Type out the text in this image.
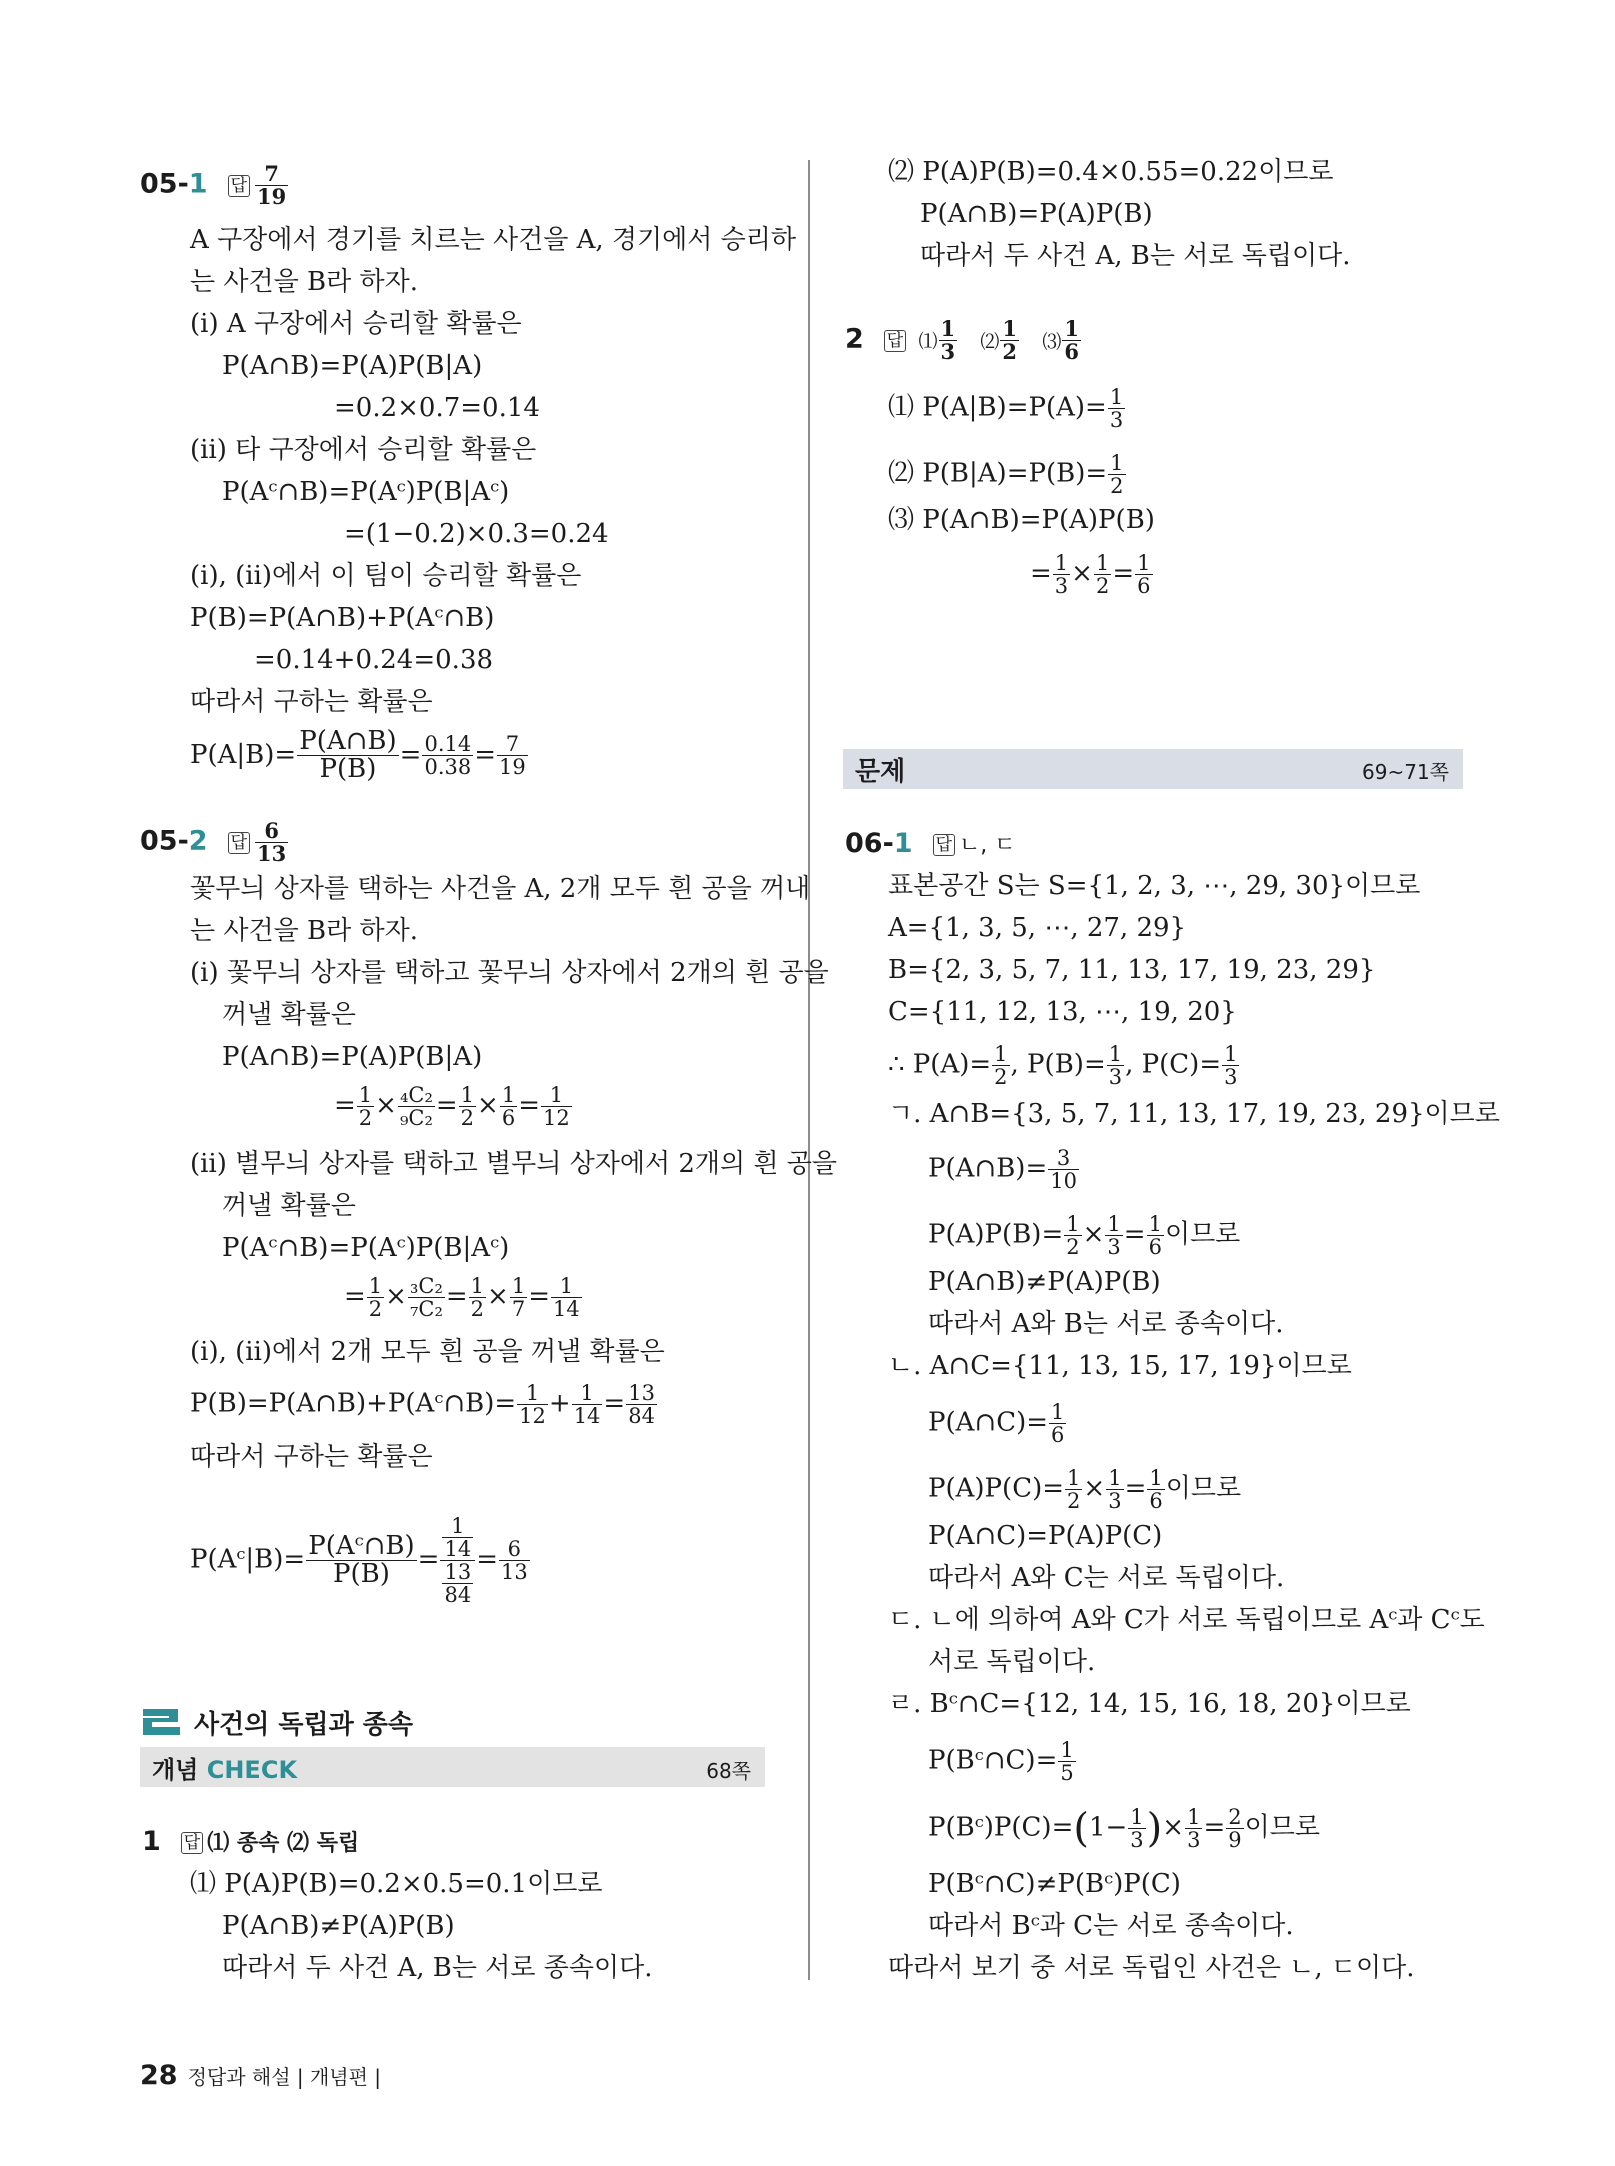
05-1 답 $\frac{7}{19}$
A 구장에서 경기를 치르는 사건을 A, 경기에서 승리하
는 사건을 B라 하자.
(ⅰ) A 구장에서 승리할 확률은
P(A∩B)=P(A)P(B|A)
=0.2×0.7=0.14
(ⅱ) 타 구장에서 승리할 확률은
P(Aᶜ∩B)=P(Aᶜ)P(B|Aᶜ)
=(1−0.2)×0.3=0.24
(ⅰ), (ⅱ)에서 이 팀이 승리할 확률은
P(B)=P(A∩B)+P(Aᶜ∩B)
=0.14+0.24=0.38
따라서 구하는 확률은
$P(A|B)= \frac{P(A\cap B)}{P(B)} = \frac{0.14}{0.38} = \frac{7}{19}$
05-2 답 $\frac{6}{13}$
꽃무늬 상자를 택하는 사건을 A, 2개 모두 흰 공을 꺼내
는 사건을 B라 하자.
(ⅰ) 꽃무늬 상자를 택하고 꽃무늬 상자에서 2개의 흰 공을
꺼낼 확률은
P(A∩B)=P(A)P(B|A)
= $\frac{1}{2} \times \frac{\text{₄C₂}}{\text{₉C₂}} = \frac{1}{2} \times \frac{1}{6} = \frac{1}{12}$
(ⅱ) 별무늬 상자를 택하고 별무늬 상자에서 2개의 흰 공을
꺼낼 확률은
P(Aᶜ∩B)=P(Aᶜ)P(B|Aᶜ)
= $\frac{1}{2} \times \frac{\text{₃C₂}}{\text{₇C₂}} = \frac{1}{2} \times \frac{1}{7} = \frac{1}{14}$
(ⅰ), (ⅱ)에서 2개 모두 흰 공을 꺼낼 확률은
P(B)=P(A∩B)+P(Aᶜ∩B)= $\frac{1}{12} + \frac{1}{14} = \frac{13}{84}$
따라서 구하는 확률은
P(Aᶜ|B)= $\frac{\text{P(Aᶜ∩B)}}{P(B)} = \frac{\frac{1}{14}}{\frac{13}{84}} = \frac{6}{13}$
사건의 독립과 종속
개념 CHECK	68쪽
1 답 ⑴ 종속 ⑵ 독립
⑴ P(A)P(B)=0.2×0.5=0.1이므로
P(A∩B)≠P(A)P(B)
따라서 두 사건 A, B는 서로 종속이다.
⑵ P(A)P(B)=0.4×0.55=0.22이므로
P(A∩B)=P(A)P(B)
따라서 두 사건 A, B는 서로 독립이다.
2 답 ⑴ $\frac{1}{3}$ ⑵ $\frac{1}{2}$ ⑶ $\frac{1}{6}$
⑴ $P(A|B)=P(A)= \frac{1}{3}$
⑵ $P(B|A)=P(B)= \frac{1}{2}$
⑶ P(A∩B)=P(A)P(B)
= $\frac{1}{3} \times \frac{1}{2} = \frac{1}{6}$
문제	69~71쪽
06-1 답 ㄴ, ㄷ
표본공간 S는 S={1, 2, 3, ⋯, 29, 30}이므로
A={1, 3, 5, ⋯, 27, 29}
B={2, 3, 5, 7, 11, 13, 17, 19, 23, 29}
C={11, 12, 13, ⋯, 19, 20}
∴ $P(A)= \frac{1}{2}$ , $P(B)= \frac{1}{3}$ , $P(C)= \frac{1}{3}$
ㄱ. A∩B={3, 5, 7, 11, 13, 17, 19, 23, 29}이므로
P(A∩B)= $\frac{3}{10}$
$P(A)P(B)= \frac{1}{2} \times \frac{1}{3} = \frac{1}{6}$ 이므로
P(A∩B)≠P(A)P(B)
따라서 A와 B는 서로 종속이다.
ㄴ. A∩C={11, 13, 15, 17, 19}이므로
P(A∩C)= $\frac{1}{6}$
$P(A)P(C)= \frac{1}{2} \times \frac{1}{3} = \frac{1}{6}$ 이므로
P(A∩C)=P(A)P(C)
따라서 A와 C는 서로 독립이다.
ㄷ. ㄴ에 의하여 A와 C가 서로 독립이므로 Aᶜ과 Cᶜ도
서로 독립이다.
ㄹ. Bᶜ∩C={12, 14, 15, 16, 18, 20}이므로
P(Bᶜ∩C)= $\frac{1}{5}$
P(Bᶜ)P(C)=(1− $\frac{1}{3}$ )× $\frac{1}{3} = \frac{2}{9}$ 이므로
P(Bᶜ∩C)≠P(Bᶜ)P(C)
따라서 Bᶜ과 C는 서로 종속이다.
따라서 보기 중 서로 독립인 사건은 ㄴ, ㄷ이다.
28 정답과 해설 | 개념편 |
